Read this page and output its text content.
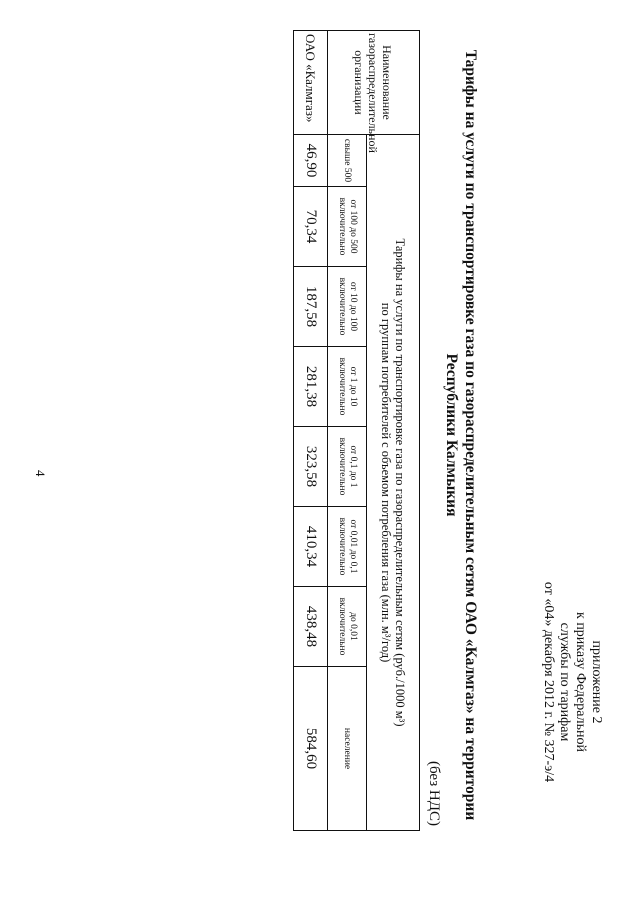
приложение 2
к приказу Федеральной
службы по тарифам
от «04» декабря 2012 г. № 327-э/4
Тарифы на услуги по транспортировке газа по газораспределительным сетям ОАО «Калмгаз» на территории
Республики Калмыкия
(без НДС)
Наименование газораспределительной организации	Тарифы на услуги по транспортировке газа по газораспределительным сетям (руб./1000 м³)
по группам потребителей с объемом потребления газа (млн. м³/год)							

	свыше 500	от 100 до 500 включительно	от 10 до 100 включительно	от 1 до 10 включительно	от 0,1 до 1 включительно	от 0,01 до 0,1 включительно	до 0,01 включительно	население
ОАО «Калмгаз»	46,90	70,34	187,58	281,38	323,58	410,34	438,48	584,60
4
